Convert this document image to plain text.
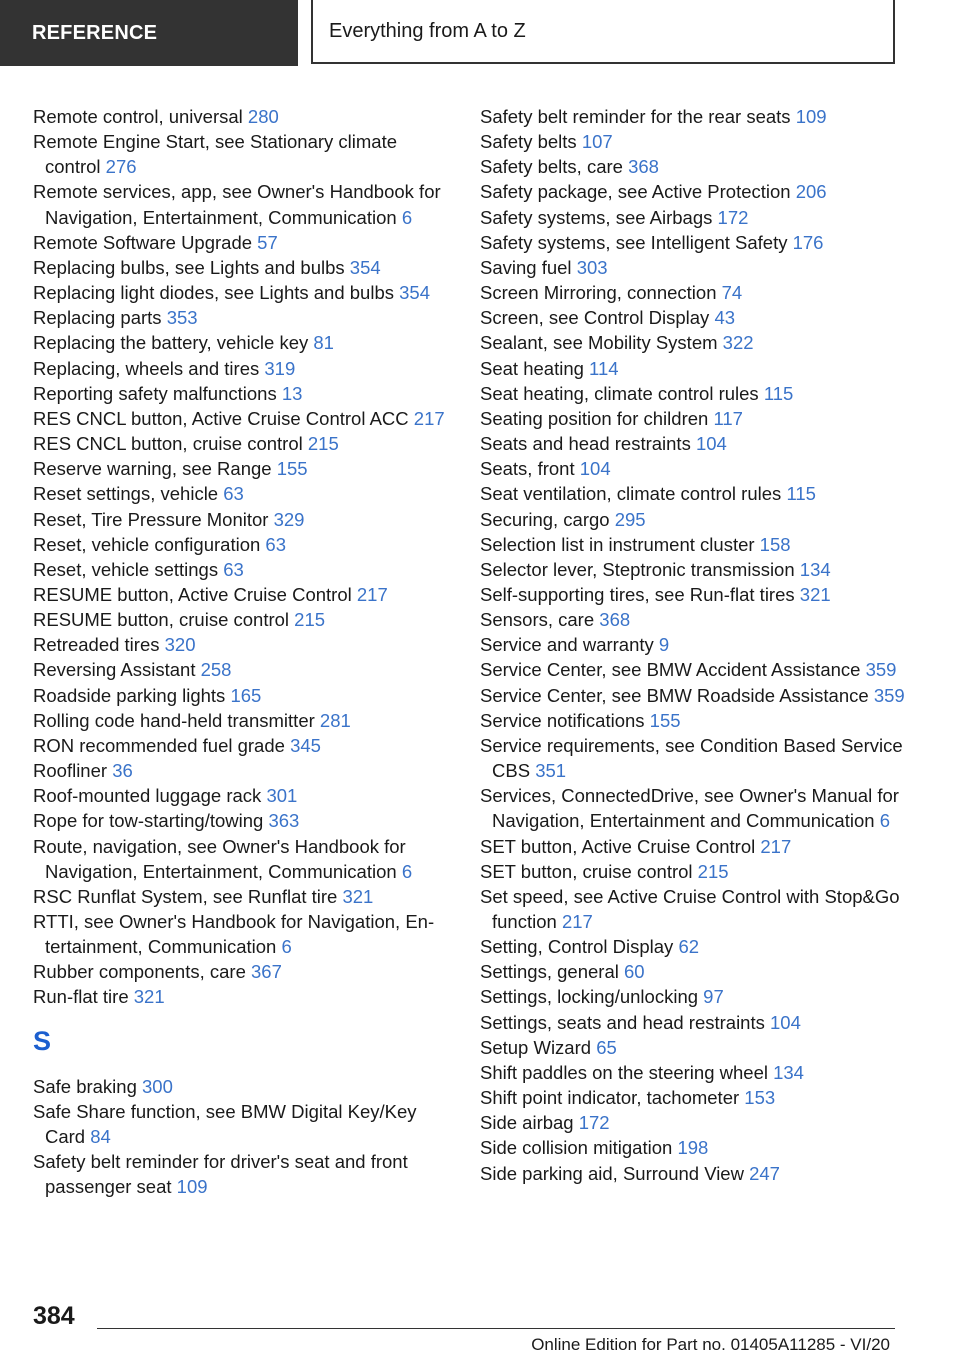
REFERENCE	Everything from A to Z

Remote control, universal 280

Remote Engine Start, see Stationary climate control 276

Remote services, app, see Owner's Handbook for Navigation, Entertainment, Communication 6

Remote Software Upgrade 57

Replacing bulbs, see Lights and bulbs 354

Replacing light diodes, see Lights and bulbs 354

Replacing parts 353

Replacing the battery, vehicle key 81

Replacing, wheels and tires 319

Reporting safety malfunctions 13

RES CNCL button, Active Cruise Control ACC 217

RES CNCL button, cruise control 215

Reserve warning, see Range 155

Reset settings, vehicle 63

Reset, Tire Pressure Monitor 329

Reset, vehicle configuration 63

Reset, vehicle settings 63

RESUME button, Active Cruise Control 217

RESUME button, cruise control 215

Retreaded tires 320

Reversing Assistant 258

Roadside parking lights 165

Rolling code hand-held transmitter 281

RON recommended fuel grade 345

Roofliner 36

Roof-mounted luggage rack 301

Rope for tow-starting/towing 363

Route, navigation, see Owner's Handbook for Navigation, Entertainment, Communication 6

RSC Runflat System, see Runflat tire 321

RTTI, see Owner's Handbook for Navigation, Entertainment, Communication 6

Rubber components, care 367

Run-flat tire 321

S

Safe braking 300

Safe Share function, see BMW Digital Key/Key Card 84

Safety belt reminder for driver's seat and front passenger seat 109

Safety belt reminder for the rear seats 109

Safety belts 107

Safety belts, care 368

Safety package, see Active Protection 206

Safety systems, see Airbags 172

Safety systems, see Intelligent Safety 176

Saving fuel 303

Screen Mirroring, connection 74

Screen, see Control Display 43

Sealant, see Mobility System 322

Seat heating 114

Seat heating, climate control rules 115

Seating position for children 117

Seats and head restraints 104

Seats, front 104

Seat ventilation, climate control rules 115

Securing, cargo 295

Selection list in instrument cluster 158

Selector lever, Steptronic transmission 134

Self-supporting tires, see Run-flat tires 321

Sensors, care 368

Service and warranty 9

Service Center, see BMW Accident Assistance 359

Service Center, see BMW Roadside Assistance 359

Service notifications 155

Service requirements, see Condition Based Service CBS 351

Services, ConnectedDrive, see Owner's Manual for Navigation, Entertainment and Communication 6

SET button, Active Cruise Control 217

SET button, cruise control 215

Set speed, see Active Cruise Control with Stop&Go function 217

Setting, Control Display 62

Settings, general 60

Settings, locking/unlocking 97

Settings, seats and head restraints 104

Setup Wizard 65

Shift paddles on the steering wheel 134

Shift point indicator, tachometer 153

Side airbag 172

Side collision mitigation 198

Side parking aid, Surround View 247

384
Online Edition for Part no. 01405A11285 - VI/20
